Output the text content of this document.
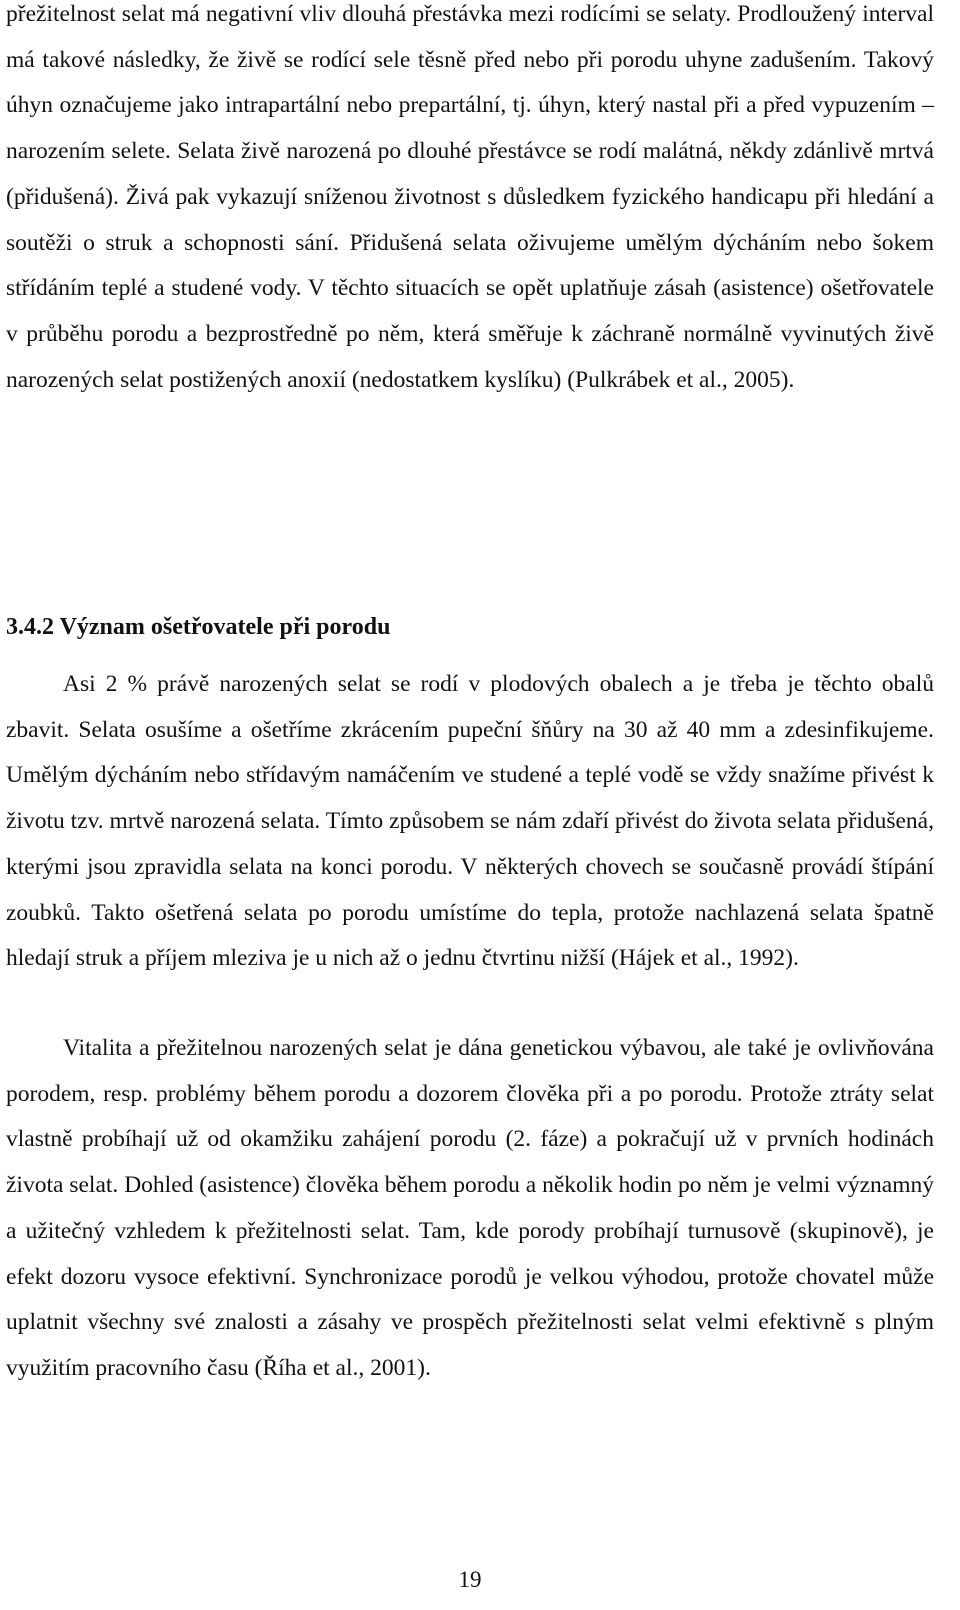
přežitelnost selat má negativní vliv dlouhá přestávka mezi rodícími se selaty. Prodloužený interval má takové následky, že živě se rodící sele těsně před nebo při porodu uhyne zadušením. Takový úhyn označujeme jako intrapartální nebo prepartální, tj. úhyn, který nastal při a před vypuzením – narozením selete. Selata živě narozená po dlouhé přestávce se rodí malátná, někdy zdánlivě mrtvá (přidušená). Živá pak vykazují sníženou životnost s důsledkem fyzického handicapu při hledání a soutěži o struk a schopnosti sání. Přidušená selata oživujeme umělým dýcháním nebo šokem střídáním teplé a studené vody. V těchto situacích se opět uplatňuje zásah (asistence) ošetřovatele v průběhu porodu a bezprostředně po něm, která směřuje k záchraně normálně vyvinutých živě narozených selat postižených anoxií (nedostatkem kyslíku) (Pulkrábek et al., 2005).

3.4.2 Význam ošetřovatele při porodu

Asi 2 % právě narozených selat se rodí v plodových obalech a je třeba je těchto obalů zbavit. Selata osušíme a ošetříme zkrácením pupeční šňůry na 30 až 40 mm a zdesinfikujeme. Umělým dýcháním nebo střídavým namáčením ve studené a teplé vodě se vždy snažíme přivést k životu tzv. mrtvě narozená selata. Tímto způsobem se nám zdaří přivést do života selata přidušená, kterými jsou zpravidla selata na konci porodu. V některých chovech se současně provádí štípání zoubků. Takto ošetřená selata po porodu umístíme do tepla, protože nachlazená selata špatně hledají struk a příjem mleziva je u nich až o jednu čtvrtinu nižší (Hájek et al., 1992).

Vitalita a přežitelnou narozených selat je dána genetickou výbavou, ale také je ovlivňována porodem, resp. problémy během porodu a dozorem člověka při a po porodu. Protože ztráty selat vlastně probíhají už od okamžiku zahájení porodu (2. fáze) a pokračují už v prvních hodinách života selat. Dohled (asistence) člověka během porodu a několik hodin po něm je velmi významný a užitečný vzhledem k přežitelnosti selat. Tam, kde porody probíhají turnusově (skupinově), je efekt dozoru vysoce efektivní. Synchronizace porodů je velkou výhodou, protože chovatel může uplatnit všechny své znalosti a zásahy ve prospěch přežitelnosti selat velmi efektivně s plným využitím pracovního času (Říha et al., 2001).

19
